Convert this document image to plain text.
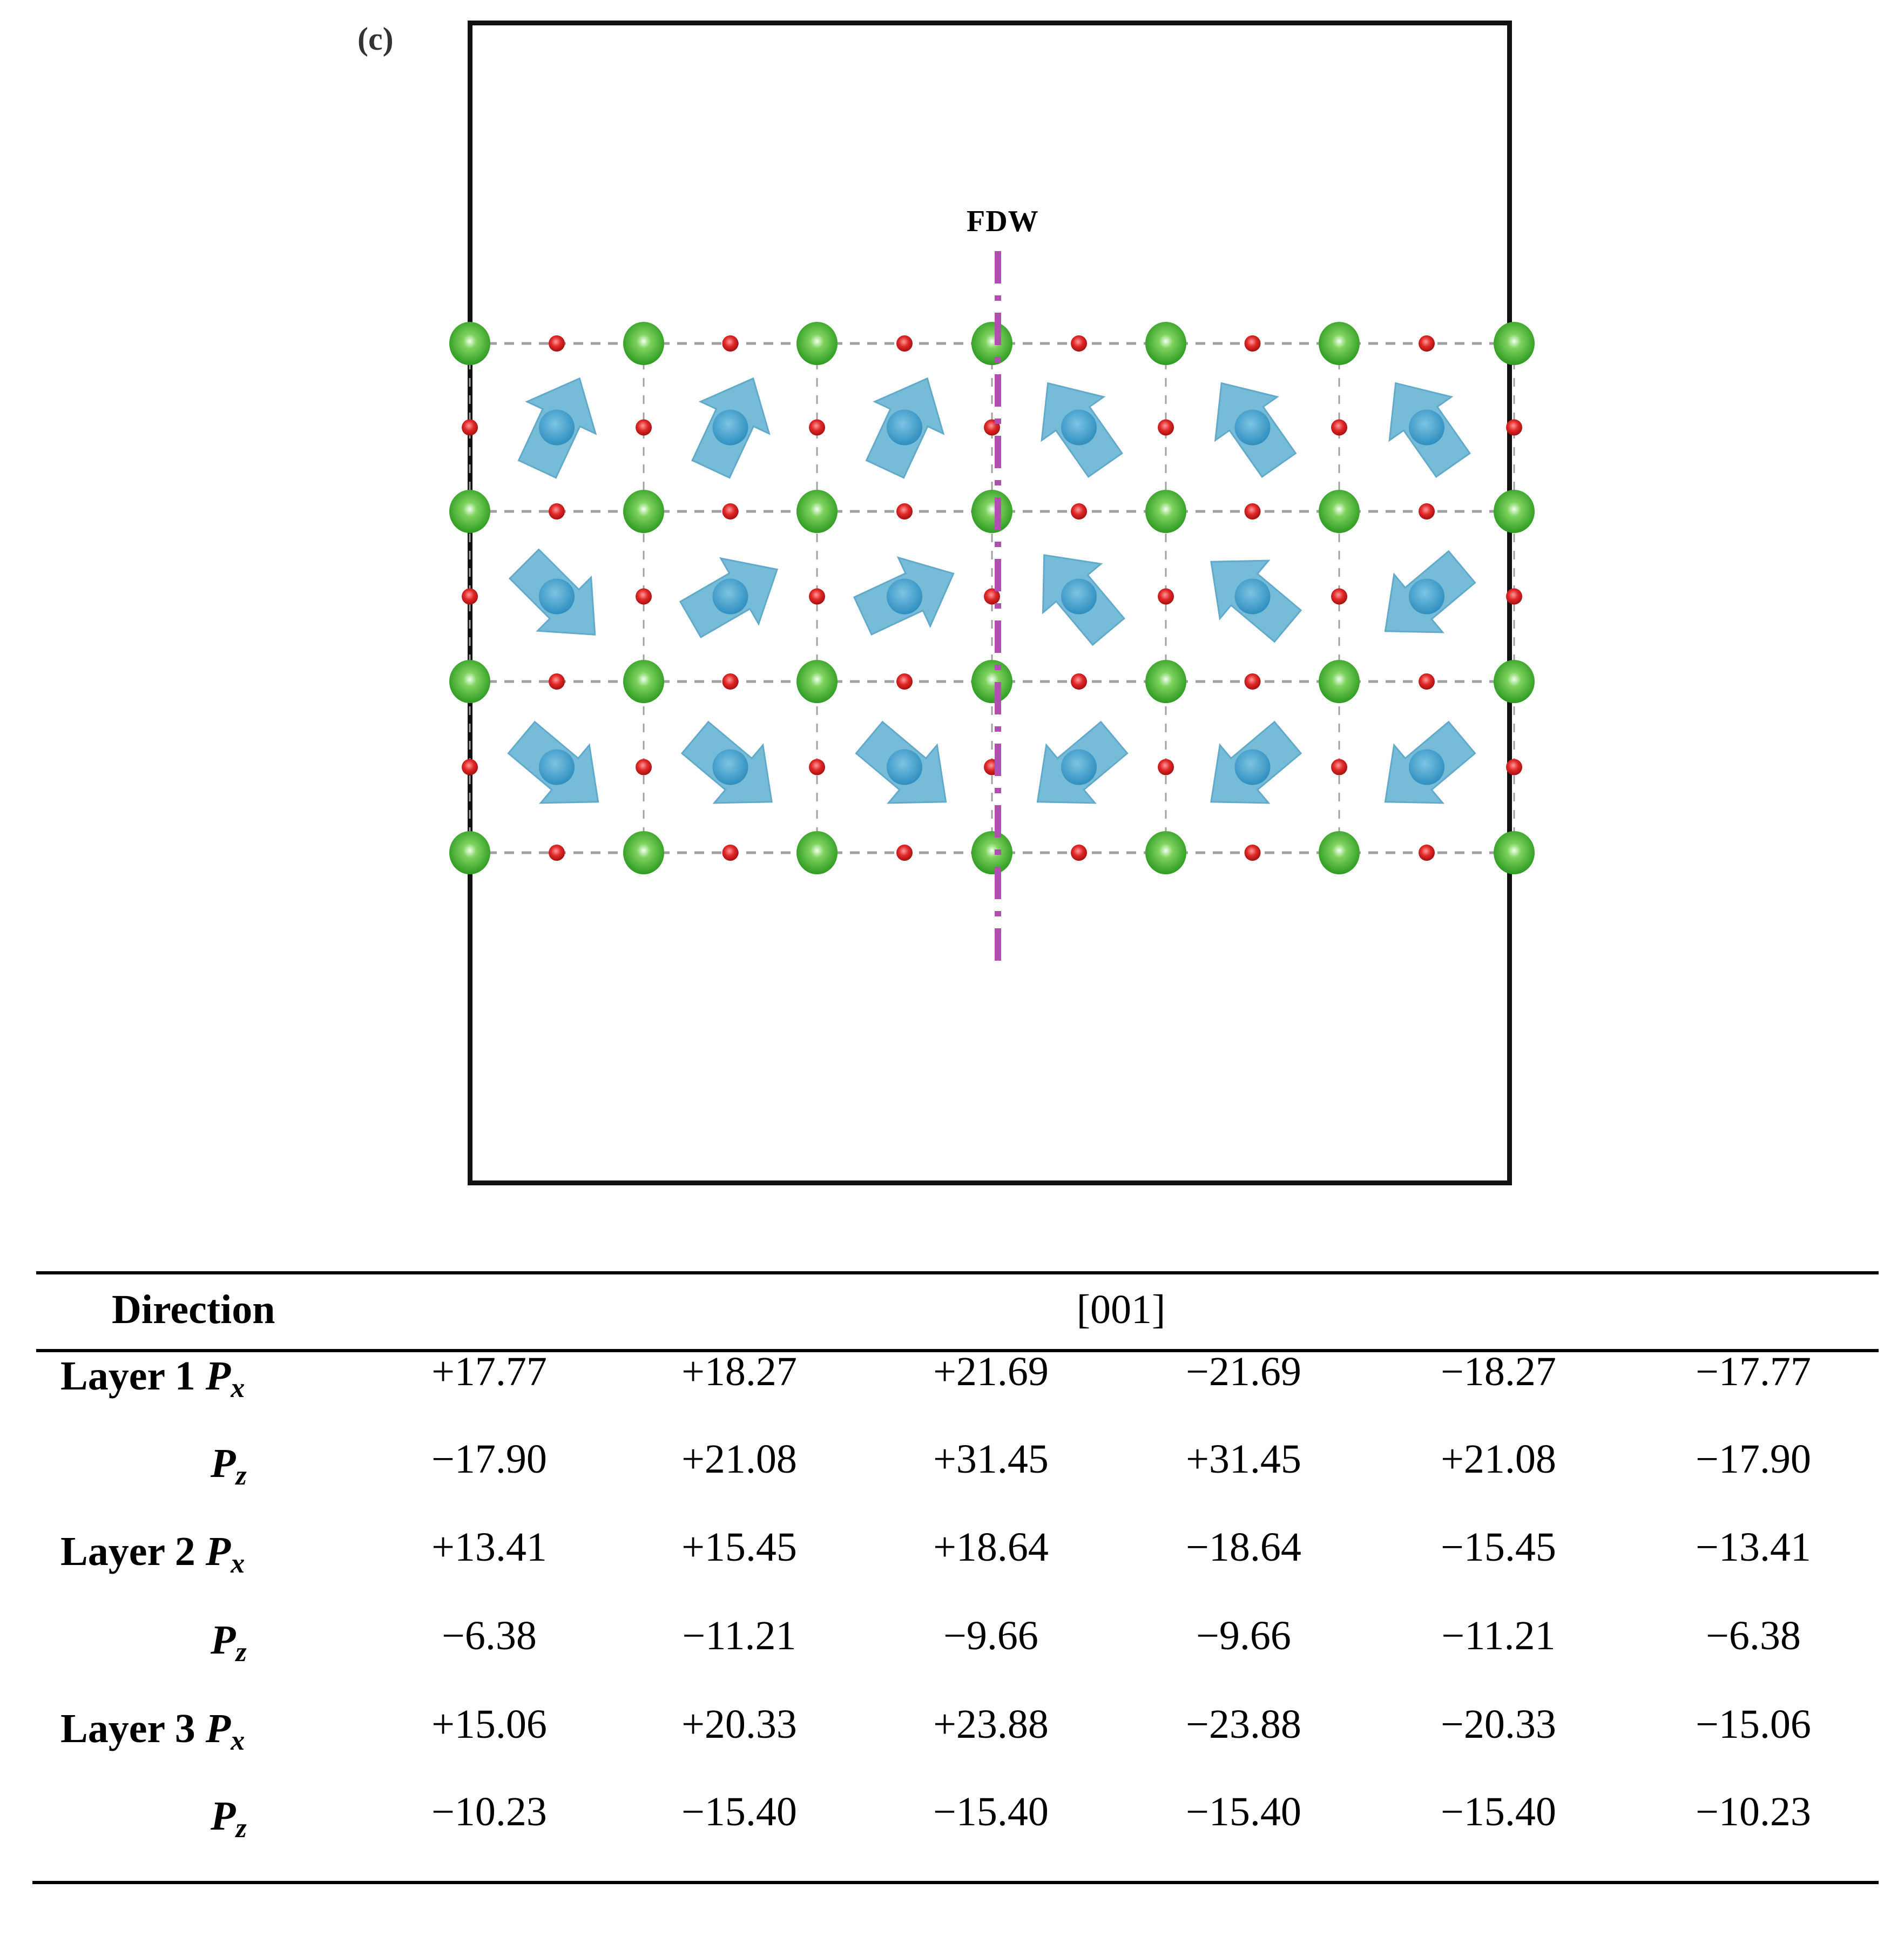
(c)
FDW
Direction	[001]
Layer 1 $P_x$	+17.77	+18.27	+21.69	−21.69	−18.27	−17.77
$P_z$	−17.90	+21.08	+31.45	+31.45	+21.08	−17.90
Layer 2 $P_x$	+13.41	+15.45	+18.64	−18.64	−15.45	−13.41
$P_z$	−6.38	−11.21	−9.66	−9.66	−11.21	−6.38
Layer 3 $P_x$	+15.06	+20.33	+23.88	−23.88	−20.33	−15.06
$P_z$	−10.23	−15.40	−15.40	−15.40	−15.40	−10.23
